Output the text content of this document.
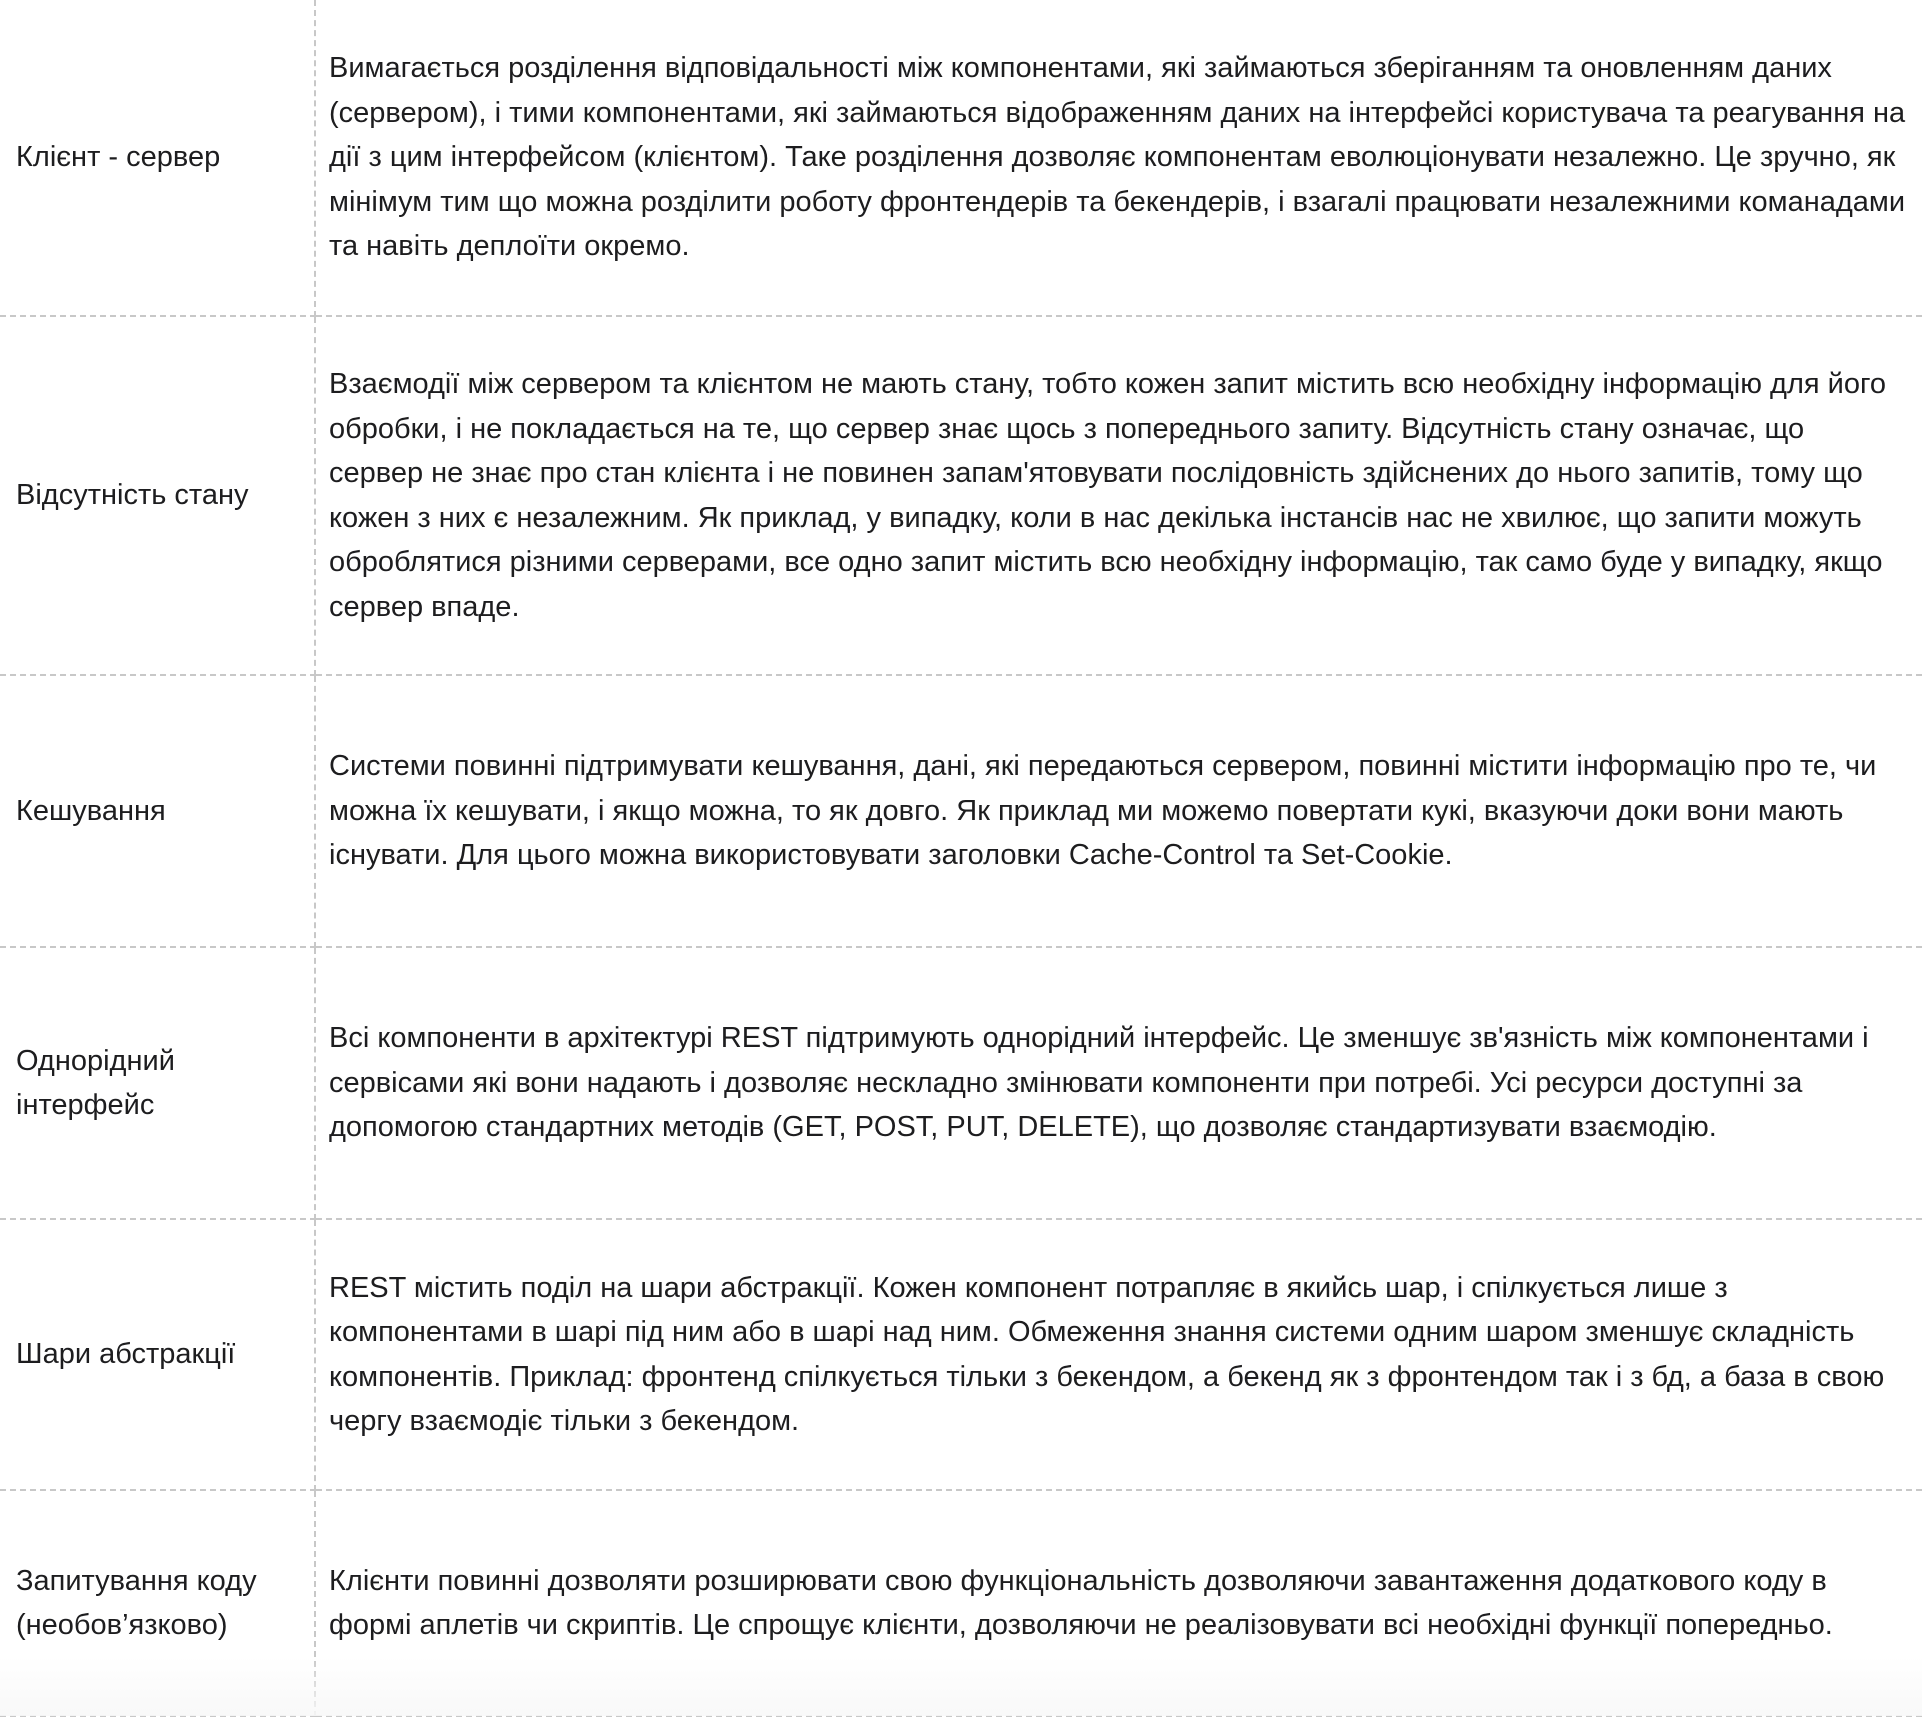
Клієнт - сервер	Вимагається розділення відповідальності між компонентами, які займаються зберіганням та оновленням даних (сервером), і тими компонентами, які займаються відображенням даних на інтерфейсі користувача та реагування на дії з цим інтерфейсом (клієнтом). Таке розділення дозволяє компонентам еволюціонувати незалежно. Це зручно, як мінімум тим що можна розділити роботу фронтендерів та бекендерів, і взагалі працювати незалежними команадами та навіть деплоїти окремо.
Відсутність стану	Взаємодії між сервером та клієнтом не мають стану, тобто кожен запит містить всю необхідну інформацію для його обробки, і не покладається на те, що сервер знає щось з попереднього запиту. Відсутність стану означає, що сервер не знає про стан клієнта і не повинен запам'ятовувати послідовність здійснених до нього запитів, тому що кожен з них є незалежним. Як приклад, у випадку, коли в нас декілька інстансів нас не хвилює, що запити можуть оброблятися різними серверами, все одно запит містить всю необхідну інформацію, так само буде у випадку, якщо сервер впаде.
Кешування	Системи повинні підтримувати кешування, дані, які передаються сервером, повинні містити інформацію про те, чи можна їх кешувати, і якщо можна, то як довго. Як приклад ми можемо повертати кукі, вказуючи доки вони мають існувати. Для цього можна використовувати заголовки Cache-Control та Set-Cookie.
Однорідний інтерфейс	Всі компоненти в архітектурі REST підтримують однорідний інтерфейс. Це зменшує зв'язність між компонентами і сервісами які вони надають і дозволяє нескладно змінювати компоненти при потребі. Усі ресурси доступні за допомогою стандартних методів (GET, POST, PUT, DELETE), що дозволяє стандартизувати взаємодію.
Шари абстракції	REST містить поділ на шари абстракції. Кожен компонент потрапляє в якийсь шар, і спілкується лише з компонентами в шарі під ним або в шарі над ним. Обмеження знання системи одним шаром зменшує складність компонентів. Приклад: фронтенд спілкується тільки з бекендом, а бекенд як з фронтендом так і з бд, а база в свою чергу взаємодіє тільки з бекендом.
Запитування коду (необов’язково)	Клієнти повинні дозволяти розширювати свою функціональність дозволяючи завантаження додаткового коду в формі аплетів чи скриптів. Це спрощує клієнти, дозволяючи не реалізовувати всі необхідні функції попередньо.
